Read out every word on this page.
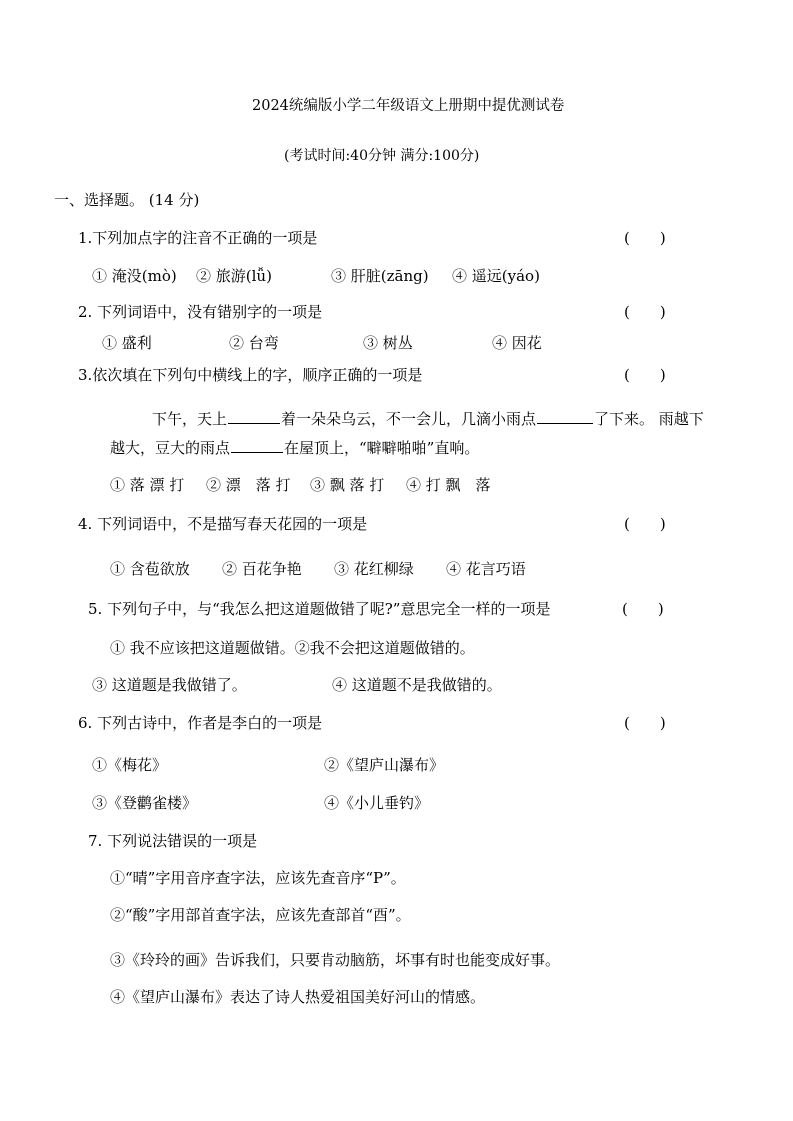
2024统编版小学二年级语文上册期中提优测试卷
(考试时间:40分钟 满分:100分)
一、选择题。 (14 分)
1.下列加点字的注音不正确的一项是	(　　)
① 淹没(mò) ② 旅游(lǚ)	③ 肝脏(zāng) ④ 遥远(yáo)
2. 下列词语中，没有错别字的一项是	(　　)
① 盛利	② 台弯	③ 树丛	④ 因花
3.依次填在下列句中横线上的字，顺序正确的一项是	(　　)
下午，天上	着一朵朵乌云，不一会儿，几滴小雨点	了下来。 雨越下
越大，豆大的雨点	在屋顶上，“噼噼啪啪”直响。
① 落 漂 打 ② 漂　落 打 ③ 飘 落 打 ④ 打 飘　落
4. 下列词语中，不是描写春天花园的一项是	(　　)
① 含苞欲放 ② 百花争艳 ③ 花红柳绿 ④ 花言巧语
5. 下列句子中，与“我怎么把这道题做错了呢?”意思完全一样的一项是	(　　)
① 我不应该把这道题做错。②我不会把这道题做错的。
③ 这道题是我做错了。	④ 这道题不是我做错的。
6. 下列古诗中，作者是李白的一项是	(　　)
①《梅花》	②《望庐山瀑布》
③《登鹳雀楼》	④《小儿垂钓》
7. 下列说法错误的一项是
①“晴”字用音序查字法，应该先查音序“P”。
②“酸”字用部首查字法，应该先查部首“酉”。
③《玲玲的画》告诉我们，只要肯动脑筋，坏事有时也能变成好事。
④《望庐山瀑布》表达了诗人热爱祖国美好河山的情感。
